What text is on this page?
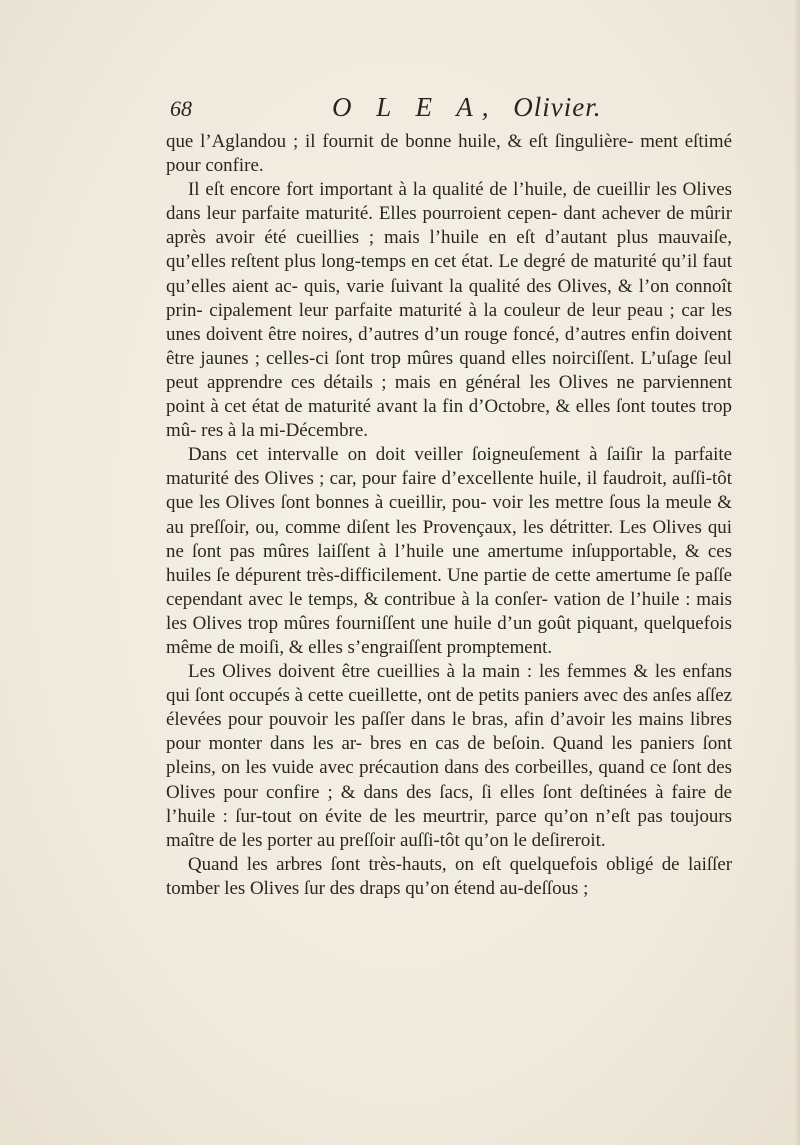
68	O L E A, Olivier.

que l’Aglandou ; il fournit de bonne huile, & eſt ſingulière- ment eſtimé pour confire.

Il eſt encore fort important à la qualité de l’huile, de cueillir les Olives dans leur parfaite maturité. Elles pourroient cepen- dant achever de mûrir après avoir été cueillies ; mais l’huile en eſt d’autant plus mauvaiſe, qu’elles reſtent plus long-temps en cet état. Le degré de maturité qu’il faut qu’elles aient ac- quis, varie ſuivant la qualité des Olives, & l’on connoît prin- cipalement leur parfaite maturité à la couleur de leur peau ; car les unes doivent être noires, d’autres d’un rouge foncé, d’autres enfin doivent être jaunes ; celles-ci ſont trop mûres quand elles noirciſſent. L’uſage ſeul peut apprendre ces détails ; mais en général les Olives ne parviennent point à cet état de maturité avant la fin d’Octobre, & elles ſont toutes trop mû- res à la mi-Décembre.

Dans cet intervalle on doit veiller ſoigneuſement à ſaiſir la parfaite maturité des Olives ; car, pour faire d’excellente huile, il faudroit, auſſi-tôt que les Olives ſont bonnes à cueillir, pou- voir les mettre ſous la meule & au preſſoir, ou, comme diſent les Provençaux, les détritter. Les Olives qui ne ſont pas mûres laiſſent à l’huile une amertume inſupportable, & ces huiles ſe dépurent très-difficilement. Une partie de cette amertume ſe paſſe cependant avec le temps, & contribue à la conſer- vation de l’huile : mais les Olives trop mûres fourniſſent une huile d’un goût piquant, quelquefois même de moiſi, & elles s’engraiſſent promptement.

Les Olives doivent être cueillies à la main : les femmes & les enfans qui ſont occupés à cette cueillette, ont de petits paniers avec des anſes aſſez élevées pour pouvoir les paſſer dans le bras, afin d’avoir les mains libres pour monter dans les ar- bres en cas de beſoin. Quand les paniers ſont pleins, on les vuide avec précaution dans des corbeilles, quand ce ſont des Olives pour confire ; & dans des ſacs, ſi elles ſont deſtinées à faire de l’huile : ſur-tout on évite de les meurtrir, parce qu’on n’eſt pas toujours maître de les porter au preſſoir auſſi-tôt qu’on le deſireroit.

Quand les arbres ſont très-hauts, on eſt quelquefois obligé de laiſſer tomber les Olives ſur des draps qu’on étend au-deſſous ;
